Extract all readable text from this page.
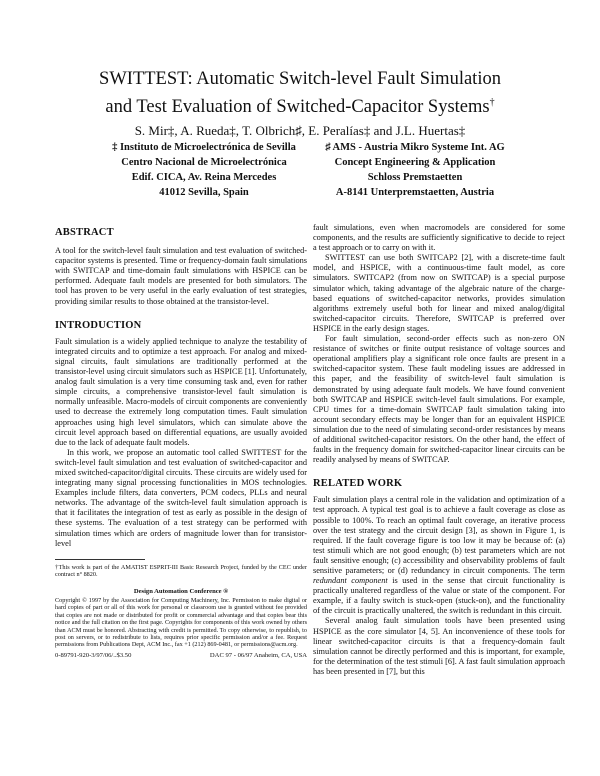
SWITTEST: Automatic Switch-level Fault Simulation
and Test Evaluation of Switched-Capacitor Systems†
S. Mir‡, A. Rueda‡, T. Olbrich♯, E. Peralías‡ and J.L. Huertas‡
‡ Instituto de Microelectrónica de Sevilla
Centro Nacional de Microelectrónica
Edif. CICA, Av. Reina Mercedes
41012 Sevilla, Spain
♯ AMS - Austria Mikro Systeme Int. AG
Concept Engineering & Application
Schloss Premstaetten
A-8141 Unterpremstaetten, Austria
ABSTRACT

A tool for the switch-level fault simulation and test evaluation of switched-capacitor systems is presented. Time or frequency-domain fault simulations with SWITCAP and time-domain fault simulations with HSPICE can be performed. Adequate fault models are presented for both simulators. The tool has proven to be very useful in the early evaluation of test strategies, providing similar results to those obtained at the transistor-level.

INTRODUCTION

Fault simulation is a widely applied technique to analyze the testability of integrated circuits and to optimize a test approach. For analog and mixed-signal circuits, fault simulations are traditionally performed at the transistor-level using circuit simulators such as HSPICE [1]. Unfortunately, analog fault simulation is a very time consuming task and, even for rather simple circuits, a comprehensive transistor-level fault simulation is normally unfeasible. Macro-models of circuit components are conveniently used to decrease the extremely long computation times. Fault simulation approaches using high level simulators, which can simulate above the circuit level approach based on differential equations, are usually avoided due to the lack of adequate fault models.

In this work, we propose an automatic tool called SWITTEST for the switch-level fault simulation and test evaluation of switched-capacitor and mixed switched-capacitor/digital circuits. These circuits are widely used for integrating many signal processing functionalities in MOS technologies. Examples include filters, data converters, PCM codecs, PLLs and neural networks. The advantage of the switch-level fault simulation approach is that it facilitates the integration of test as early as possible in the design of these systems. The evaluation of a test strategy can be performed with simulation times which are orders of magnitude lower than for transistor-level

†This work is part of the AMATIST ESPRIT-III Basic Research Project, funded by the CEC under contract n° 8820.

Design Automation Conference ®
Copyright © 1997 by the Association for Computing Machinery, Inc. Permission to make digital or hard copies of part or all of this work for personal or classroom use is granted without fee provided that copies are not made or distributed for profit or commercial advantage and that copies bear this notice and the full citation on the first page. Copyrights for components of this work owned by others than ACM must be honored. Abstracting with credit is permitted. To copy otherwise, to republish, to post on servers, or to redistribute to lists, requires prior specific permission and/or a fee. Request permissions from Publications Dept, ACM Inc., fax +1 (212) 869-0481, or permissions@acm.org.
0-89791-920-3/97/06/..$3.50	DAC 97 - 06/97 Anaheim, CA, USA

fault simulations, even when macromodels are considered for some components, and the results are sufficiently significative to decide to reject a test approach or to carry on with it.

SWITTEST can use both SWITCAP2 [2], with a discrete-time fault model, and HSPICE, with a continuous-time fault model, as core simulators. SWITCAP2 (from now on SWITCAP) is a special purpose simulator which, taking advantage of the algebraic nature of the charge-based equations of switched-capacitor networks, provides simulation algorithms extremely useful both for linear and mixed analog/digital switched-capacitor circuits. Therefore, SWITCAP is preferred over HSPICE in the early design stages.

For fault simulation, second-order effects such as non-zero ON resistance of switches or finite output resistance of voltage sources and operational amplifiers play a significant role once faults are present in a switched-capacitor system. These fault modeling issues are addressed in this paper, and the feasibility of switch-level fault simulation is demonstrated by using adequate fault models. We have found convenient both SWITCAP and HSPICE switch-level fault simulations. For example, CPU times for a time-domain SWITCAP fault simulation taking into account secondary effects may be longer than for an equivalent HSPICE simulation due to the need of simulating second-order resistances by means of additional switched-capacitor resistors. On the other hand, the effect of faults in the frequency domain for switched-capacitor linear circuits can be readily analysed by means of SWITCAP.

RELATED WORK

Fault simulation plays a central role in the validation and optimization of a test approach. A typical test goal is to achieve a fault coverage as close as possible to 100%. To reach an optimal fault coverage, an iterative process over the test strategy and the circuit design [3], as shown in Figure 1, is required. If the fault coverage figure is too low it may be because of: (a) test stimuli which are not good enough; (b) test parameters which are not fault sensitive enough; (c) accessibility and observability problems of fault sensitive parameters; or (d) redundancy in circuit components. The term redundant component is used in the sense that circuit functionality is practically unaltered regardless of the value or state of the component. For example, if a faulty switch is stuck-open (stuck-on), and the functionality of the circuit is practically unaltered, the switch is redundant in this circuit.

Several analog fault simulation tools have been presented using HSPICE as the core simulator [4, 5]. An inconvenience of these tools for linear switched-capacitor circuits is that a frequency-domain fault simulation cannot be directly performed and this is important, for example, for the determination of the test stimuli [6]. A fast fault simulation approach has been presented in [7], but this
